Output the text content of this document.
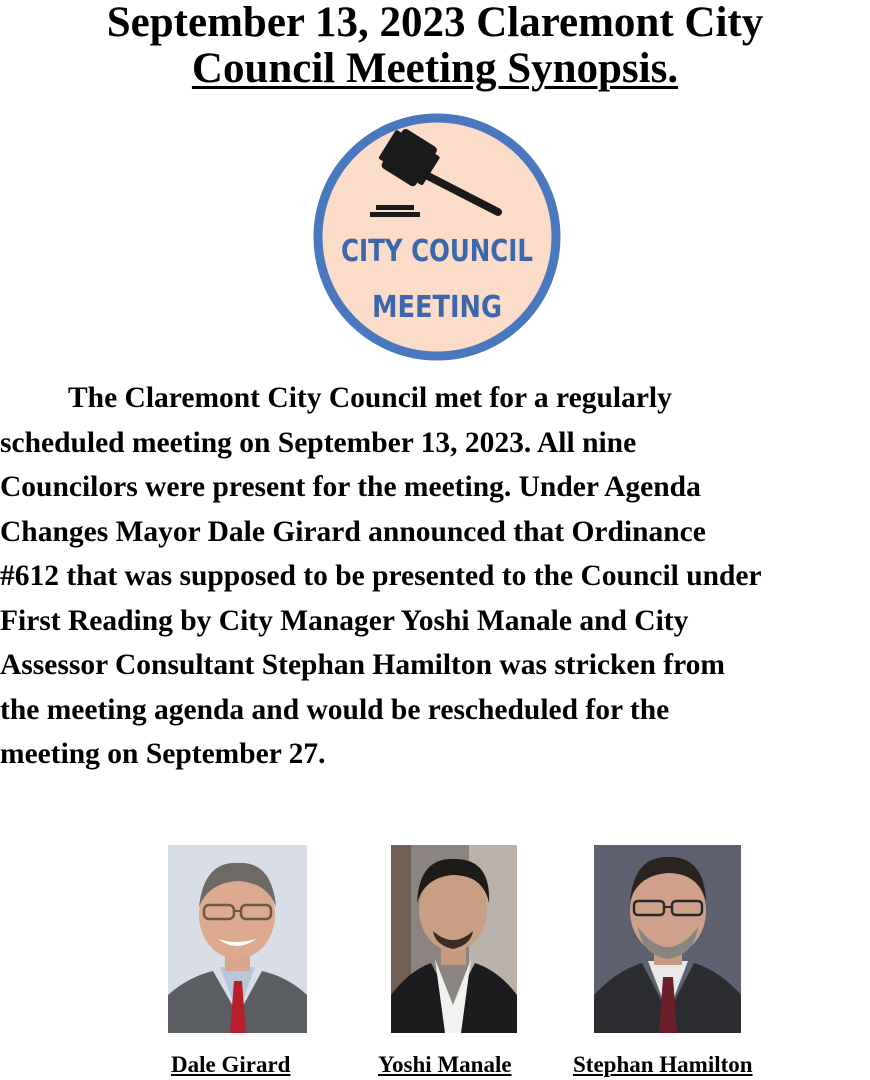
September 13, 2023 Claremont City
Council Meeting Synopsis.
CITY COUNCIL
MEETING

The Claremont City Council met for a regularly
scheduled meeting on September 13, 2023. All nine
Councilors were present for the meeting. Under Agenda
Changes Mayor Dale Girard announced that Ordinance
#612 that was supposed to be presented to the Council under
First Reading by City Manager Yoshi Manale and City
Assessor Consultant Stephan Hamilton was stricken from
the meeting agenda and would be rescheduled for the
meeting on September 27.

Dale Girard	Yoshi Manale	Stephan Hamilton
